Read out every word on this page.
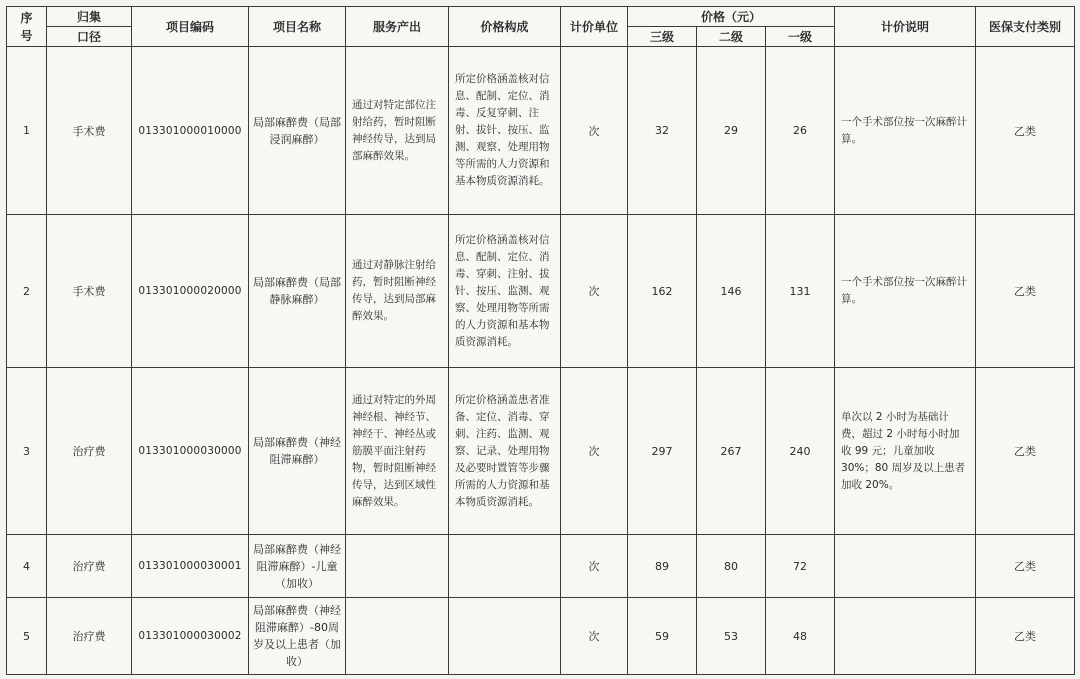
序
号	归集	项目编码	项目名称	服务产出	价格构成	计价单位	价格（元）			计价说明	医保支付类别
	口径						三级	二级	一级		
1	手术费	013301000010000	局部麻醉费（局部浸润麻醉）	通过对特定部位注射给药，暂时阻断神经传导，达到局部麻醉效果。	所定价格涵盖核对信息、配制、定位、消毒、反复穿刺、注射、拔针、按压、监测、观察、处理用物等所需的人力资源和基本物质资源消耗。	次	32	29	26	一个手术部位按一次麻醉计算。	乙类
2	手术费	013301000020000	局部麻醉费（局部静脉麻醉）	通过对静脉注射给药，暂时阻断神经传导，达到局部麻醉效果。	所定价格涵盖核对信息、配制、定位、消毒、穿刺、注射、拔针、按压、监测、观察、处理用物等所需的人力资源和基本物质资源消耗。	次	162	146	131	一个手术部位按一次麻醉计算。	乙类
3	治疗费	013301000030000	局部麻醉费（神经阻滞麻醉）	通过对特定的外周神经根、神经节、神经干、神经丛或筋膜平面注射药物，暂时阻断神经传导，达到区域性麻醉效果。	所定价格涵盖患者准备、定位、消毒、穿刺、注药、监测、观察、记录、处理用物及必要时置管等步骤所需的人力资源和基本物质资源消耗。	次	297	267	240	单次以 2 小时为基础计费，超过 2 小时每小时加收 99 元；儿童加收 30%；80 周岁及以上患者加收 20%。	乙类
4	治疗费	013301000030001	局部麻醉费（神经阻滞麻醉）-儿童（加收）			次	89	80	72		乙类
5	治疗费	013301000030002	局部麻醉费（神经阻滞麻醉）-80周岁及以上患者（加收）			次	59	53	48		乙类
